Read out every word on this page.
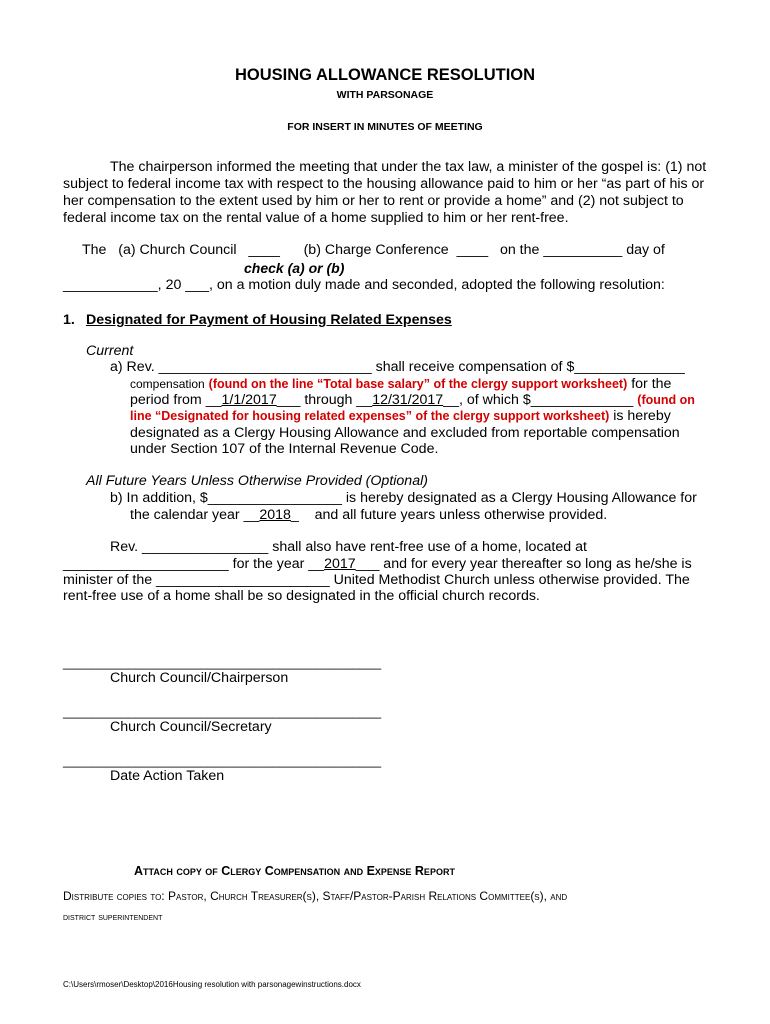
HOUSING ALLOWANCE RESOLUTION
WITH PARSONAGE
FOR INSERT IN MINUTES OF MEETING
The chairperson informed the meeting that under the tax law, a minister of the gospel is: (1) not
subject to federal income tax with respect to the housing allowance paid to him or her “as part of his or
her compensation to the extent used by him or her to rent or provide a home” and (2) not subject to
federal income tax on the rental value of a home supplied to him or her rent-free.
The   (a) Church Council   ____      (b) Charge Conference  ____   on the __________ day of
check (a) or (b)
____________, 20 ___, on a motion duly made and seconded, adopted the following resolution:
1. Designated for Payment of Housing Related Expenses
Current
a) Rev. ___________________________ shall receive compensation of $______________
compensation (found on the line “Total base salary” of the clergy support worksheet) for the
period from __1/1/2017___ through __12/31/2017__, of which $_____________ (found on
line “Designated for housing related expenses” of the clergy support worksheet) is hereby
designated as a Clergy Housing Allowance and excluded from reportable compensation
under Section 107 of the Internal Revenue Code.
All Future Years Unless Otherwise Provided (Optional)
b) In addition, $_________________ is hereby designated as a Clergy Housing Allowance for
the calendar year __2018_    and all future years unless otherwise provided.
Rev. ________________ shall also have rent-free use of a home, located at
_____________________ for the year __2017___ and for every year thereafter so long as he/she is
minister of the ______________________ United Methodist Church unless otherwise provided. The
rent-free use of a home shall be so designated in the official church records.
____________________________________________
Church Council/Chairperson
____________________________________________
Church Council/Secretary
____________________________________________
Date Action Taken
Attach copy of Clergy Compensation and Expense Report
Distribute copies to: Pastor, Church Treasurer(s), Staff/Pastor-Parish Relations Committee(s), and
district superintendent
C:\Users\rmoser\Desktop\2016Housing resolution with parsonagewinstructions.docx
